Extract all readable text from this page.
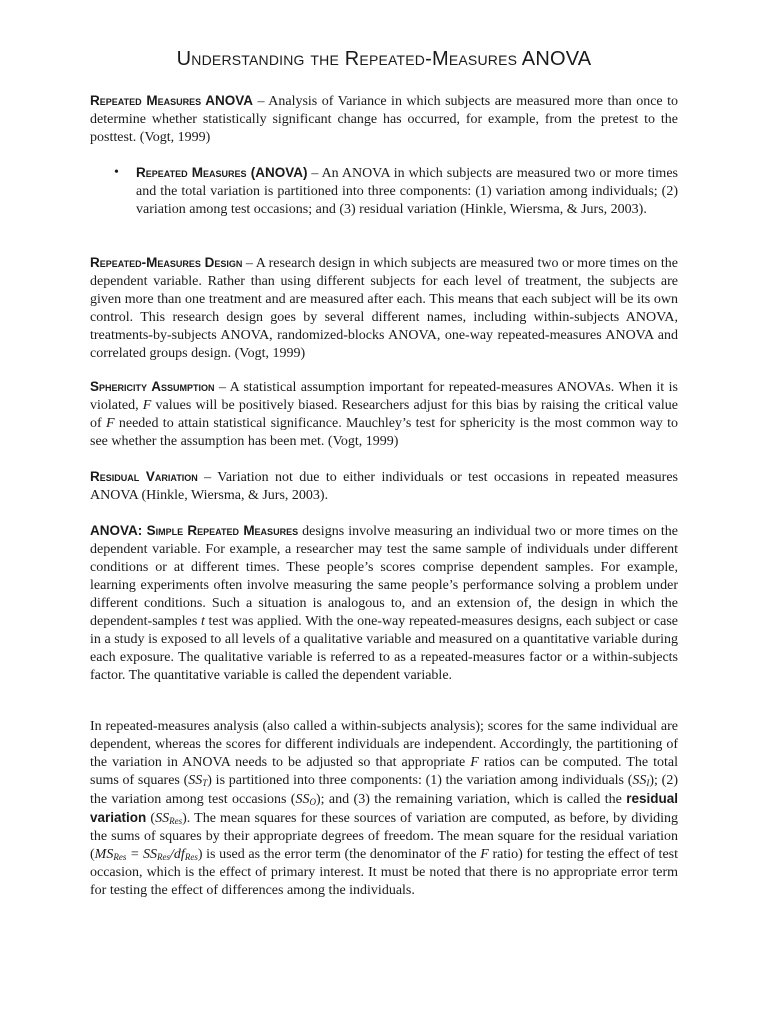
Understanding the Repeated-Measures ANOVA

Repeated Measures ANOVA – Analysis of Variance in which subjects are measured more than once to determine whether statistically significant change has occurred, for example, from the pretest to the posttest. (Vogt, 1999)

• Repeated Measures (ANOVA) – An ANOVA in which subjects are measured two or more times and the total variation is partitioned into three components: (1) variation among individuals; (2) variation among test occasions; and (3) residual variation (Hinkle, Wiersma, & Jurs, 2003).

Repeated-Measures Design – A research design in which subjects are measured two or more times on the dependent variable. Rather than using different subjects for each level of treatment, the subjects are given more than one treatment and are measured after each. This means that each subject will be its own control. This research design goes by several different names, including within-subjects ANOVA, treatments-by-subjects ANOVA, randomized-blocks ANOVA, one-way repeated-measures ANOVA and correlated groups design. (Vogt, 1999)

Sphericity Assumption – A statistical assumption important for repeated-measures ANOVAs. When it is violated, F values will be positively biased. Researchers adjust for this bias by raising the critical value of F needed to attain statistical significance. Mauchley’s test for sphericity is the most common way to see whether the assumption has been met. (Vogt, 1999)

Residual Variation – Variation not due to either individuals or test occasions in repeated measures ANOVA (Hinkle, Wiersma, & Jurs, 2003).

ANOVA: Simple Repeated Measures designs involve measuring an individual two or more times on the dependent variable. For example, a researcher may test the same sample of individuals under different conditions or at different times. These people’s scores comprise dependent samples. For example, learning experiments often involve measuring the same people’s performance solving a problem under different conditions. Such a situation is analogous to, and an extension of, the design in which the dependent-samples t test was applied. With the one-way repeated-measures designs, each subject or case in a study is exposed to all levels of a qualitative variable and measured on a quantitative variable during each exposure. The qualitative variable is referred to as a repeated-measures factor or a within-subjects factor. The quantitative variable is called the dependent variable.

In repeated-measures analysis (also called a within-subjects analysis); scores for the same individual are dependent, whereas the scores for different individuals are independent. Accordingly, the partitioning of the variation in ANOVA needs to be adjusted so that appropriate F ratios can be computed. The total sums of squares $(SS_T)$ is partitioned into three components: (1) the variation among individuals $(SS_I)$; (2) the variation among test occasions $(SS_O)$; and (3) the remaining variation, which is called the residual variation $(SS_{Res})$. The mean squares for these sources of variation are computed, as before, by dividing the sums of squares by their appropriate degrees of freedom. The mean square for the residual variation $(MS_{Res} = SS_{Res}/df_{Res})$ is used as the error term (the denominator of the F ratio) for testing the effect of test occasion, which is the effect of primary interest. It must be noted that there is no appropriate error term for testing the effect of differences among the individuals.
